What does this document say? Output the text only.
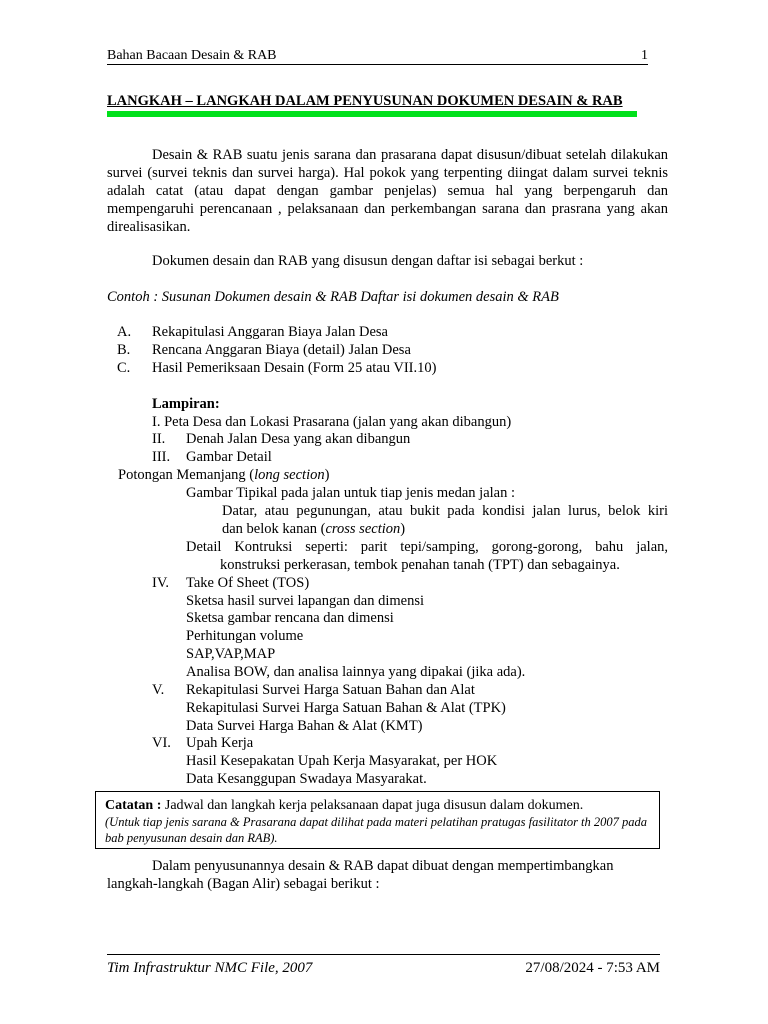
Bahan Bacaan Desain & RAB	1
LANGKAH – LANGKAH DALAM PENYUSUNAN DOKUMEN DESAIN & RAB
Desain & RAB suatu jenis sarana dan prasarana dapat disusun/dibuat setelah dilakukan survei (survei teknis dan survei harga). Hal pokok yang terpenting diingat dalam survei teknis adalah catat (atau dapat dengan gambar penjelas) semua hal yang berpengaruh dan mempengaruhi perencanaan , pelaksanaan dan perkembangan sarana dan prasrana yang akan direalisasikan.
Dokumen desain dan RAB yang disusun dengan daftar isi sebagai berkut :
Contoh : Susunan Dokumen desain & RAB Daftar isi dokumen desain & RAB
A. Rekapitulasi Anggaran Biaya Jalan Desa
B. Rencana Anggaran Biaya (detail) Jalan Desa
C. Hasil Pemeriksaan Desain (Form 25 atau VII.10)
Lampiran:
I. Peta Desa dan Lokasi Prasarana (jalan yang akan dibangun)
II. Denah Jalan Desa yang akan dibangun
III. Gambar Detail
Potongan Memanjang (long section)
Gambar Tipikal pada jalan untuk tiap jenis medan jalan :
Datar, atau pegunungan, atau bukit pada kondisi jalan lurus, belok kiri
dan belok kanan (cross section)
Detail Kontruksi seperti: parit tepi/samping, gorong-gorong, bahu jalan,
konstruksi perkerasan, tembok penahan tanah (TPT) dan sebagainya.
IV. Take Of Sheet (TOS)
Sketsa hasil survei lapangan dan dimensi
Sketsa gambar rencana dan dimensi
Perhitungan volume
SAP,VAP,MAP
Analisa BOW, dan analisa lainnya yang dipakai (jika ada).
V. Rekapitulasi Survei Harga Satuan Bahan dan Alat
Rekapitulasi Survei Harga Satuan Bahan & Alat (TPK)
Data Survei Harga Bahan & Alat (KMT)
VI. Upah Kerja
Hasil Kesepakatan Upah Kerja Masyarakat, per HOK
Data Kesanggupan Swadaya Masyarakat.
Catatan : Jadwal dan langkah kerja pelaksanaan dapat juga disusun dalam dokumen.
(Untuk tiap jenis sarana & Prasarana dapat dilihat pada materi pelatihan pratugas fasilitator th 2007 pada bab penyusunan desain dan RAB).
Dalam penyusunannya desain & RAB dapat dibuat dengan mempertimbangkan langkah-langkah (Bagan Alir) sebagai berikut :
Tim Infrastruktur NMC File, 2007	27/08/2024 - 7:53 AM
